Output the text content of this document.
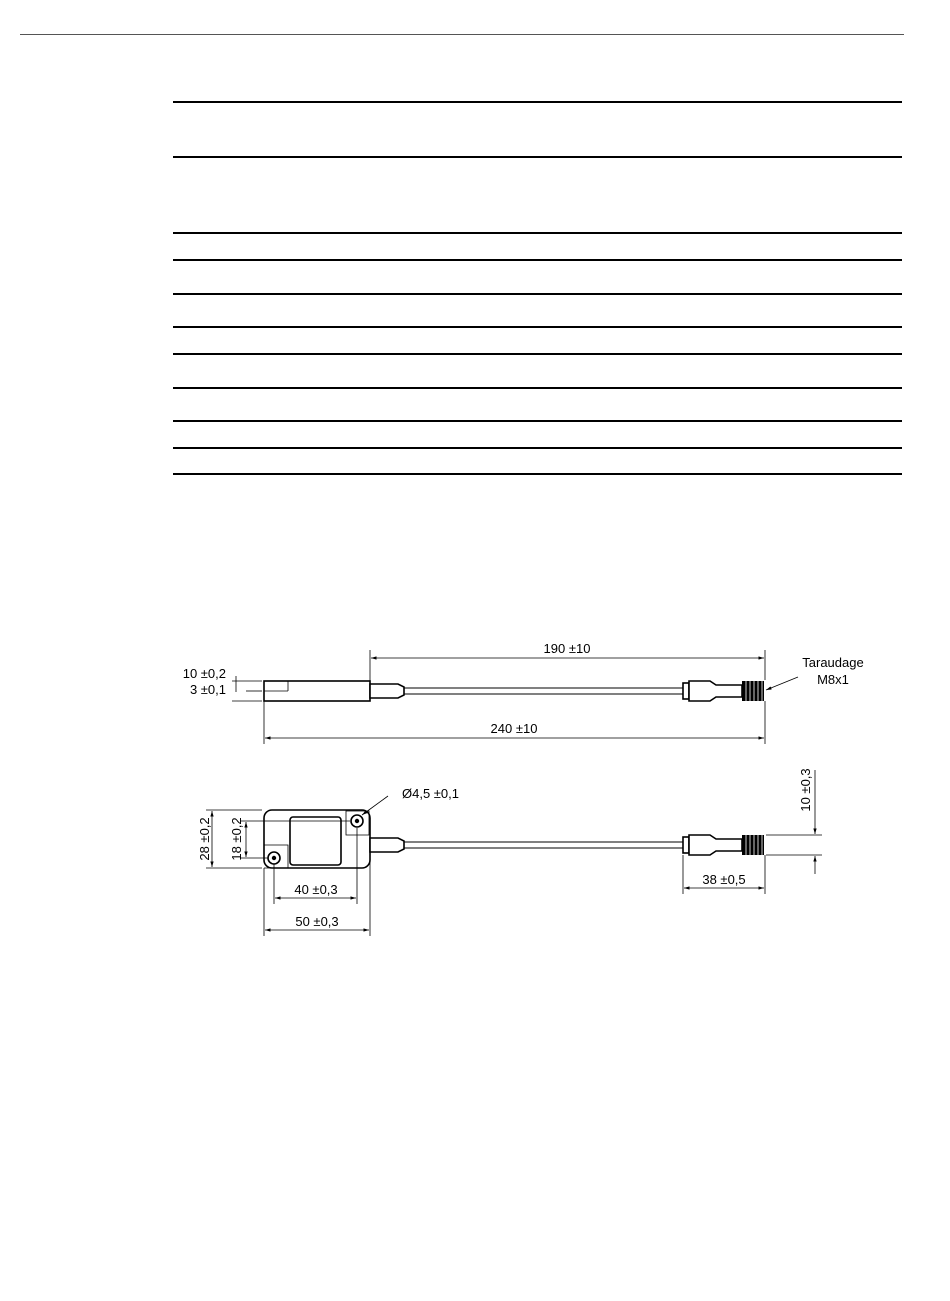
190 ±10
240 ±10
10 ±0,2
3 ±0,1
Taraudage
M8x1
Ø4,5 ±0,1
28 ±0,2 18 ±0,2
40 ±0,3
50 ±0,3
38 ±0,5
10 ±0,3
